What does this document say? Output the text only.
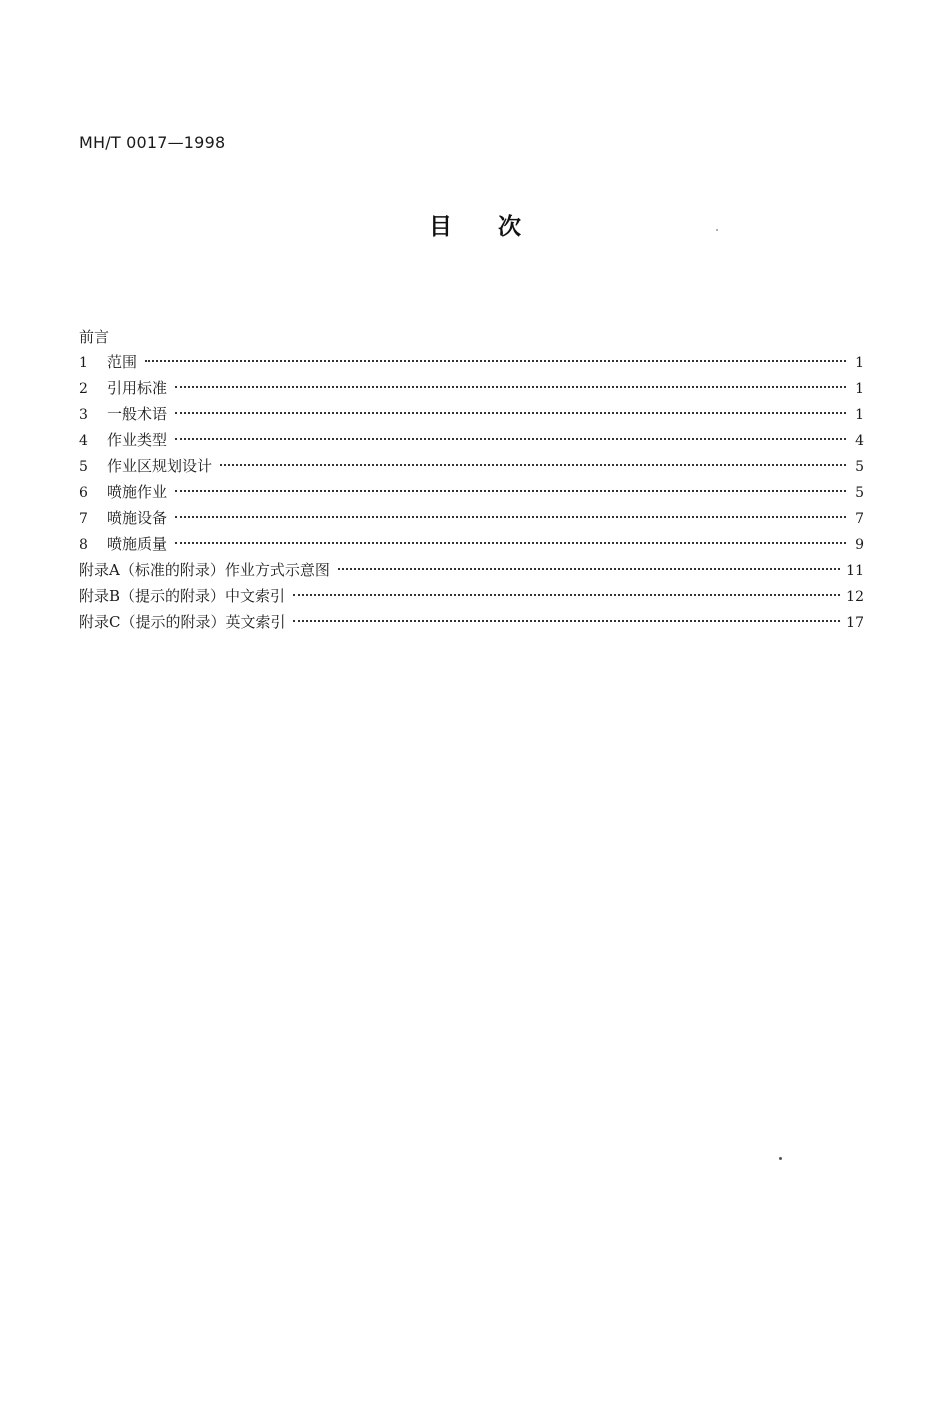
MH/T 0017—1998
目次
前言
1	范围	1
2	引用标准	1
3	一般术语	1
4	作业类型	4
5	作业区规划设计	5
6	喷施作业	5
7	喷施设备	7
8	喷施质量	9
附录A（标准的附录）作业方式示意图	11
附录B（提示的附录）中文索引	12
附录C（提示的附录）英文索引	17
